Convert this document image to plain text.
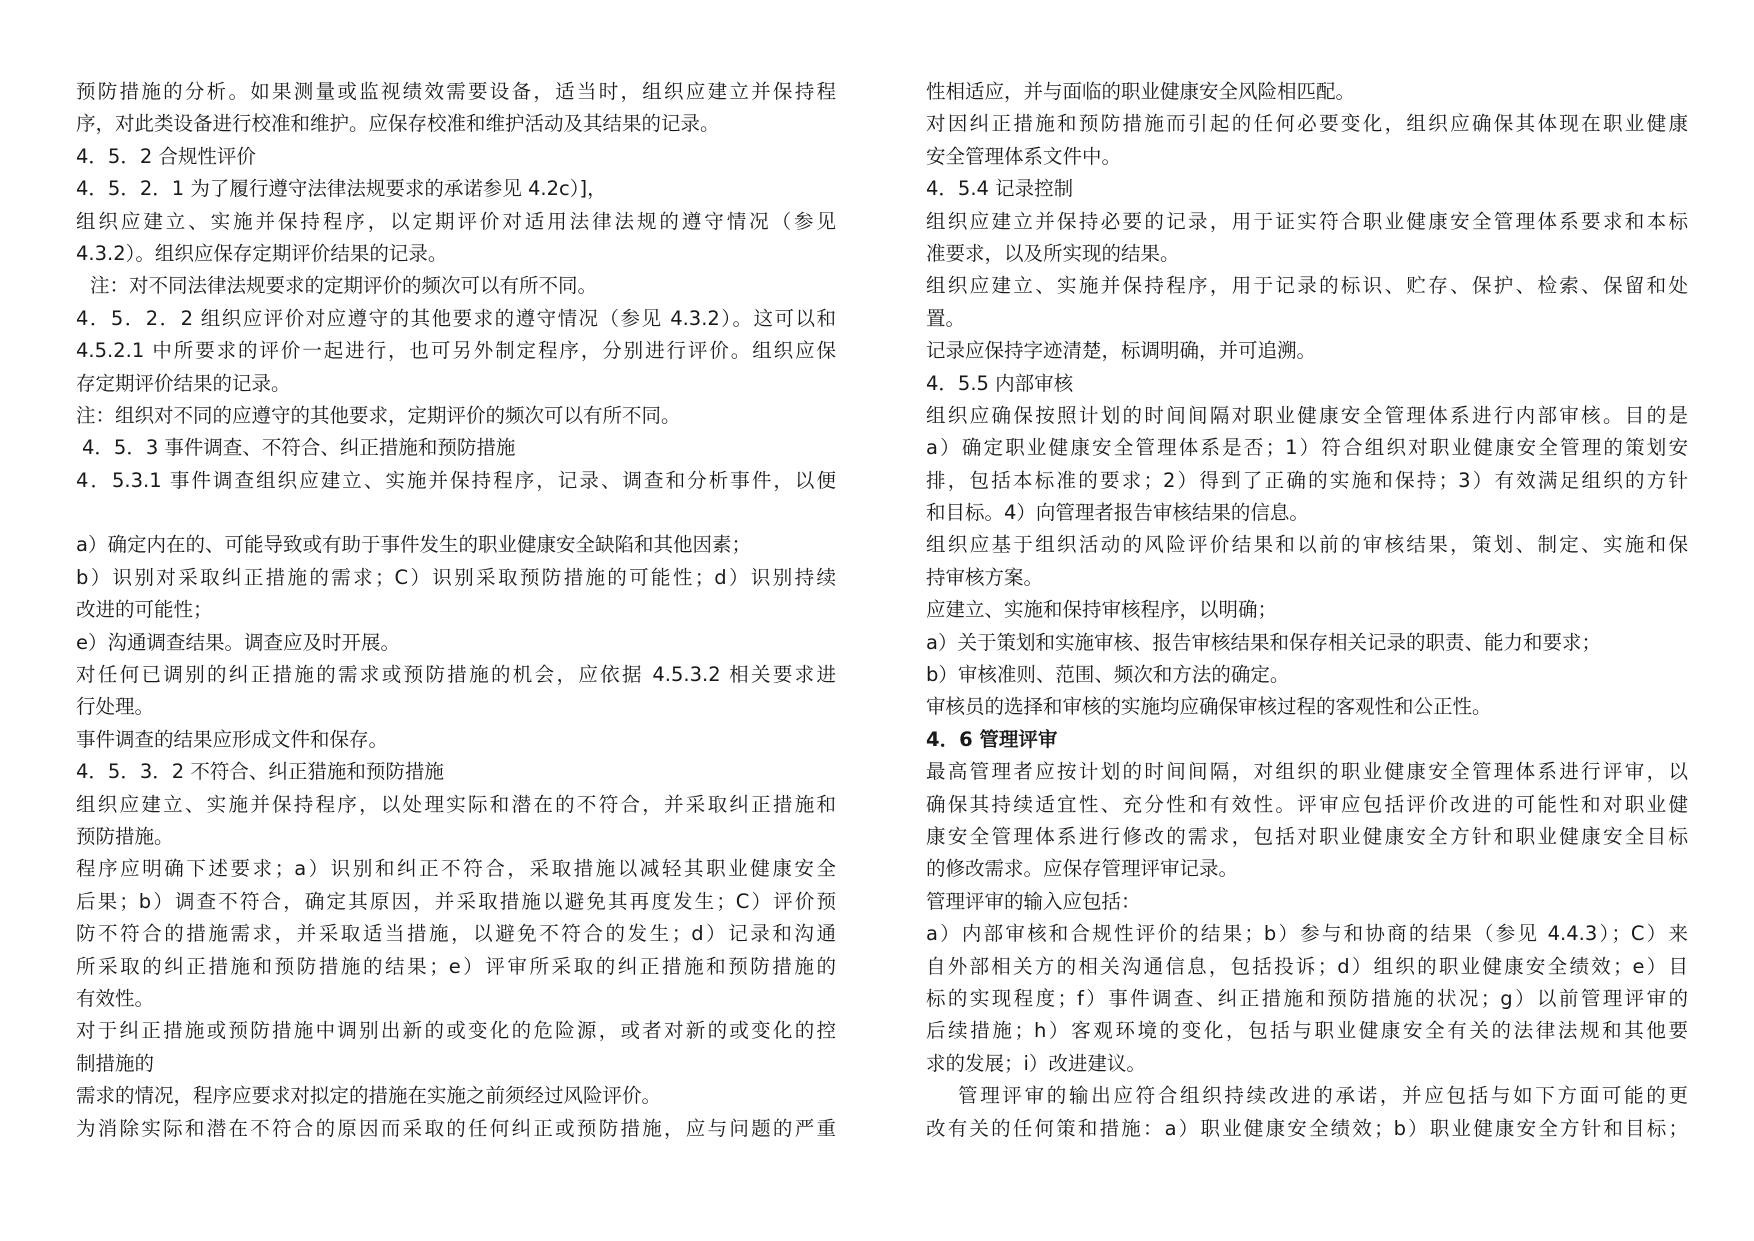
预防措施的分析。如果测量或监视绩效需要设备，适当时，组织应建立并保持程
序，对此类设备进行校准和维护。应保存校准和维护活动及其结果的记录。
4．5．2 合规性评价
4．5．2．1 为了履行遵守法律法规要求的承诺参见 4.2c）]，
组织应建立、实施并保持程序，以定期评价对适用法律法规的遵守情况（参见
4.3.2）。组织应保存定期评价结果的记录。
注：对不同法律法规要求的定期评价的频次可以有所不同。
4．5．2．2 组织应评价对应遵守的其他要求的遵守情况（参见 4.3.2）。这可以和
4.5.2.1 中所要求的评价一起进行，也可另外制定程序，分别进行评价。组织应保
存定期评价结果的记录。
注：组织对不同的应遵守的其他要求，定期评价的频次可以有所不同。
4．5．3 事件调查、不符合、纠正措施和预防措施
4．5.3.1 事件调查组织应建立、实施并保持程序，记录、调查和分析事件，以便
a）确定内在的、可能导致或有助于事件发生的职业健康安全缺陷和其他因素；
b）识别对采取纠正措施的需求；C）识别采取预防措施的可能性；d）识别持续
改进的可能性；
e）沟通调查结果。调查应及时开展。
对任何已调别的纠正措施的需求或预防措施的机会，应依据 4.5.3.2 相关要求进
行处理。
事件调查的结果应形成文件和保存。
4．5．3．2 不符合、纠正猎施和预防措施
组织应建立、实施并保持程序，以处理实际和潜在的不符合，并采取纠正措施和
预防措施。
程序应明确下述要求；a）识别和纠正不符合，采取措施以减轻其职业健康安全
后果；b）调查不符合，确定其原因，并采取措施以避免其再度发生；C）评价预
防不符合的措施需求，并采取适当措施，以避免不符合的发生；d）记录和沟通
所采取的纠正措施和预防措施的结果；e）评审所采取的纠正措施和预防措施的
有效性。
对于纠正措施或预防措施中调别出新的或变化的危险源，或者对新的或变化的控
制措施的
需求的情况，程序应要求对拟定的措施在实施之前须经过风险评价。
为消除实际和潜在不符合的原因而采取的任何纠正或预防措施，应与问题的严重
性相适应，并与面临的职业健康安全风险相匹配。
对因纠正措施和预防措施而引起的任何必要变化，组织应确保其体现在职业健康
安全管理体系文件中。
4．5.4 记录控制
组织应建立并保持必要的记录，用于证实符合职业健康安全管理体系要求和本标
准要求，以及所实现的结果。
组织应建立、实施并保持程序，用于记录的标识、贮存、保护、检索、保留和处
置。
记录应保持字迹清楚，标调明确，并可追溯。
4．5.5 内部审核
组织应确保按照计划的时间间隔对职业健康安全管理体系进行内部审核。目的是
a）确定职业健康安全管理体系是否；1）符合组织对职业健康安全管理的策划安
排，包括本标准的要求；2）得到了正确的实施和保持；3）有效满足组织的方针
和目标。4）向管理者报告审核结果的信息。
组织应基于组织活动的风险评价结果和以前的审核结果，策划、制定、实施和保
持审核方案。
应建立、实施和保持审核程序，以明确；
a）关于策划和实施审核、报告审核结果和保存相关记录的职责、能力和要求；
b）审核准则、范围、频次和方法的确定。
审核员的选择和审核的实施均应确保审核过程的客观性和公正性。
4．6 管理评审
最高管理者应按计划的时间间隔，对组织的职业健康安全管理体系进行评审，以
确保其持续适宜性、充分性和有效性。评审应包括评价改进的可能性和对职业健
康安全管理体系进行修改的需求，包括对职业健康安全方针和职业健康安全目标
的修改需求。应保存管理评审记录。
管理评审的输入应包括：
a）内部审核和合规性评价的结果；b）参与和协商的结果（参见 4.4.3）；C）来
自外部相关方的相关沟通信息，包括投诉；d）组织的职业健康安全绩效；e）目
标的实现程度；f）事件调查、纠正措施和预防措施的状况；g）以前管理评审的
后续措施；h）客观环境的变化，包括与职业健康安全有关的法律法规和其他要
求的发展；i）改进建议。
管理评审的输出应符合组织持续改进的承诺，并应包括与如下方面可能的更
改有关的任何策和措施：a）职业健康安全绩效；b）职业健康安全方针和目标；
